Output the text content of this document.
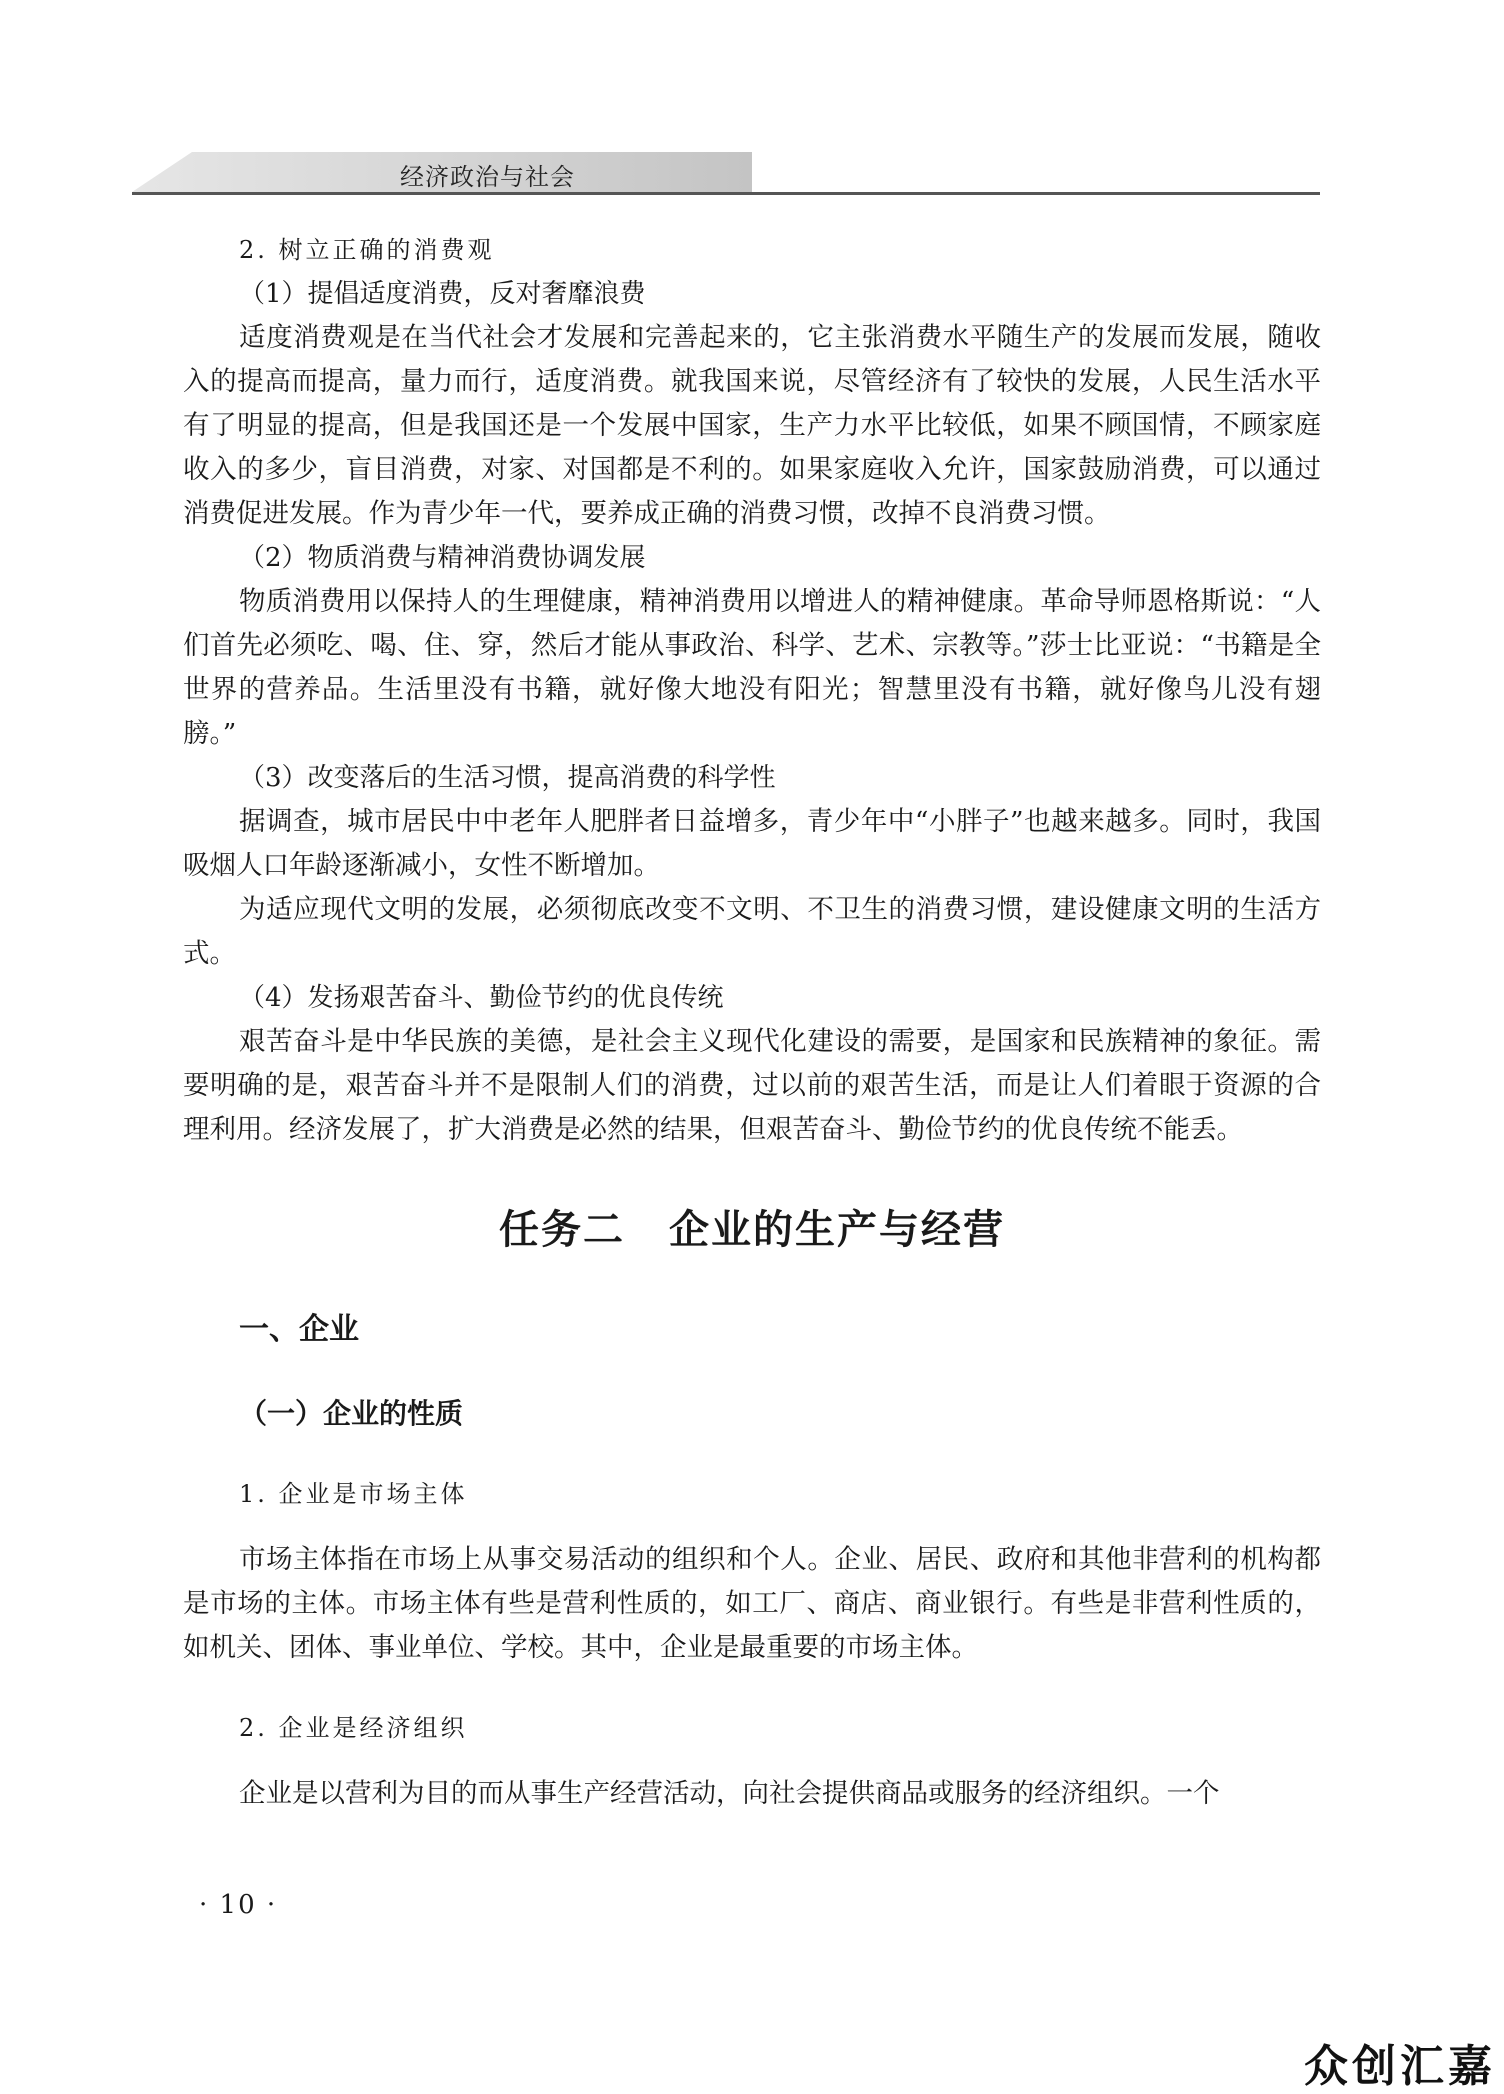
经济政治与社会

2. 树立正确的消费观

（1）提倡适度消费，反对奢靡浪费

适度消费观是在当代社会才发展和完善起来的，它主张消费水平随生产的发展而发展，随收入的提高而提高，量力而行，适度消费。就我国来说，尽管经济有了较快的发展，人民生活水平有了明显的提高，但是我国还是一个发展中国家，生产力水平比较低，如果不顾国情，不顾家庭收入的多少，盲目消费，对家、对国都是不利的。如果家庭收入允许，国家鼓励消费，可以通过消费促进发展。作为青少年一代，要养成正确的消费习惯，改掉不良消费习惯。

（2）物质消费与精神消费协调发展

物质消费用以保持人的生理健康，精神消费用以增进人的精神健康。革命导师恩格斯说：“人们首先必须吃、喝、住、穿，然后才能从事政治、科学、艺术、宗教等。”莎士比亚说：“书籍是全世界的营养品。生活里没有书籍，就好像大地没有阳光；智慧里没有书籍，就好像鸟儿没有翅膀。”

（3）改变落后的生活习惯，提高消费的科学性

据调查，城市居民中中老年人肥胖者日益增多，青少年中“小胖子”也越来越多。同时，我国吸烟人口年龄逐渐减小，女性不断增加。

为适应现代文明的发展，必须彻底改变不文明、不卫生的消费习惯，建设健康文明的生活方式。

（4）发扬艰苦奋斗、勤俭节约的优良传统

艰苦奋斗是中华民族的美德，是社会主义现代化建设的需要，是国家和民族精神的象征。需要明确的是，艰苦奋斗并不是限制人们的消费，过以前的艰苦生活，而是让人们着眼于资源的合理利用。经济发展了，扩大消费是必然的结果，但艰苦奋斗、勤俭节约的优良传统不能丢。

任务二 企业的生产与经营
一、企业
（一）企业的性质

1. 企业是市场主体

市场主体指在市场上从事交易活动的组织和个人。企业、居民、政府和其他非营利的机构都是市场的主体。市场主体有些是营利性质的，如工厂、商店、商业银行。有些是非营利性质的，如机关、团体、事业单位、学校。其中，企业是最重要的市场主体。

2. 企业是经济组织

企业是以营利为目的而从事生产经营活动，向社会提供商品或服务的经济组织。一个

· 10 ·
众创汇嘉
